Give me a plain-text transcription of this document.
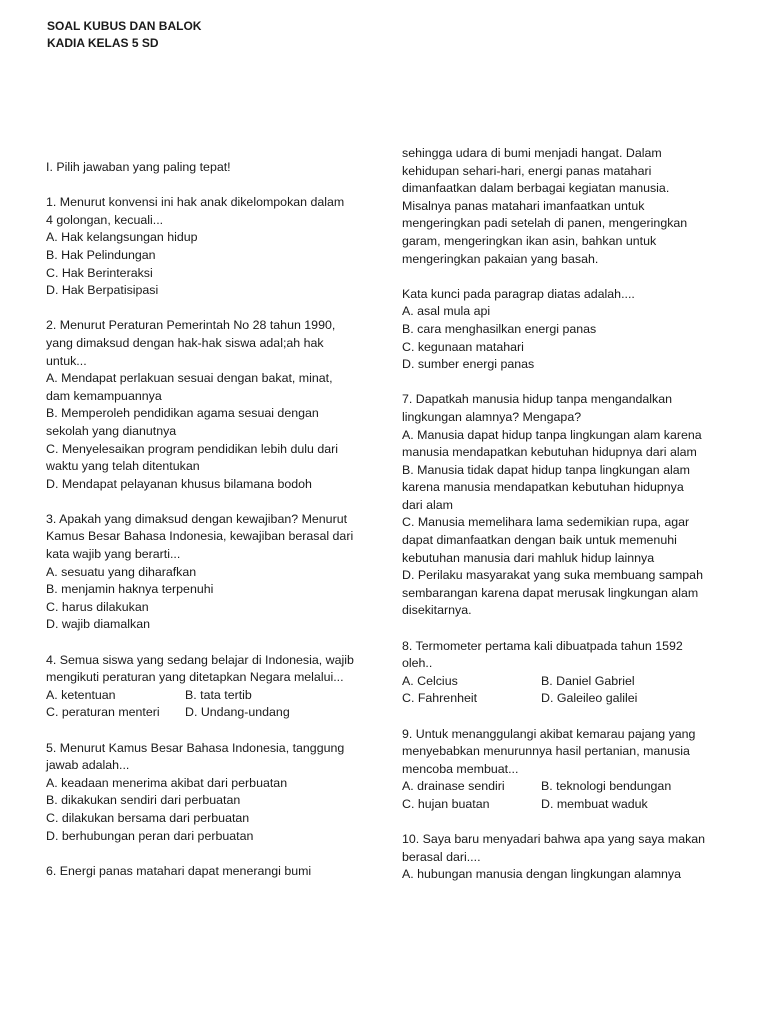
SOAL KUBUS DAN BALOK
KADIA KELAS 5 SD
I. Pilih jawaban yang paling tepat!
1. Menurut konvensi ini hak anak dikelompokan dalam
4 golongan, kecuali...
A. Hak kelangsungan hidup
B. Hak Pelindungan
C. Hak Berinteraksi
D. Hak Berpatisipasi
2. Menurut Peraturan Pemerintah No 28 tahun 1990,
yang dimaksud dengan hak-hak siswa adal;ah hak
untuk...
A. Mendapat perlakuan sesuai dengan bakat, minat,
dam kemampuannya
B. Memperoleh pendidikan agama sesuai dengan
sekolah yang dianutnya
C. Menyelesaikan program pendidikan lebih dulu dari
waktu yang telah ditentukan
D. Mendapat pelayanan khusus bilamana bodoh
3. Apakah yang dimaksud dengan kewajiban? Menurut
Kamus Besar Bahasa Indonesia, kewajiban berasal dari
kata wajib yang berarti...
A. sesuatu yang diharafkan
B. menjamin haknya terpenuhi
C. harus dilakukan
D. wajib diamalkan
4. Semua siswa yang sedang belajar di Indonesia, wajib
mengikuti peraturan yang ditetapkan Negara melalui...
A. ketentuan	B. tata tertib
C. peraturan menteri	D. Undang-undang
5. Menurut Kamus Besar Bahasa Indonesia, tanggung
jawab adalah...
A. keadaan menerima akibat dari perbuatan
B. dikakukan sendiri dari perbuatan
C. dilakukan bersama dari perbuatan
D. berhubungan peran dari perbuatan
6. Energi panas matahari dapat menerangi bumi
sehingga udara di bumi menjadi hangat. Dalam
kehidupan sehari-hari, energi panas matahari
dimanfaatkan dalam berbagai kegiatan manusia.
Misalnya panas matahari imanfaatkan untuk
mengeringkan padi setelah di panen, mengeringkan
garam, mengeringkan ikan asin, bahkan untuk
mengeringkan pakaian yang basah.
Kata kunci pada paragrap diatas adalah....
A. asal mula api
B. cara menghasilkan energi panas
C. kegunaan matahari
D. sumber energi panas
7. Dapatkah manusia hidup tanpa mengandalkan
lingkungan alamnya? Mengapa?
A. Manusia dapat hidup tanpa lingkungan alam karena
manusia mendapatkan kebutuhan hidupnya dari alam
B. Manusia tidak dapat hidup tanpa lingkungan alam
karena manusia mendapatkan kebutuhan hidupnya
dari alam
C. Manusia memelihara lama sedemikian rupa, agar
dapat dimanfaatkan dengan baik untuk memenuhi
kebutuhan manusia dari mahluk hidup lainnya
D. Perilaku masyarakat yang suka membuang sampah
sembarangan karena dapat merusak lingkungan alam
disekitarnya.
8. Termometer pertama kali dibuatpada tahun 1592
oleh..
A. Celcius	B. Daniel Gabriel
C. Fahrenheit	D. Galeileo galilei
9. Untuk menanggulangi akibat kemarau pajang yang
menyebabkan menurunnya hasil pertanian, manusia
mencoba membuat...
A. drainase sendiri	B. teknologi bendungan
C. hujan buatan	D. membuat waduk
10. Saya baru menyadari bahwa apa yang saya makan
berasal dari....
A. hubungan manusia dengan lingkungan alamnya
